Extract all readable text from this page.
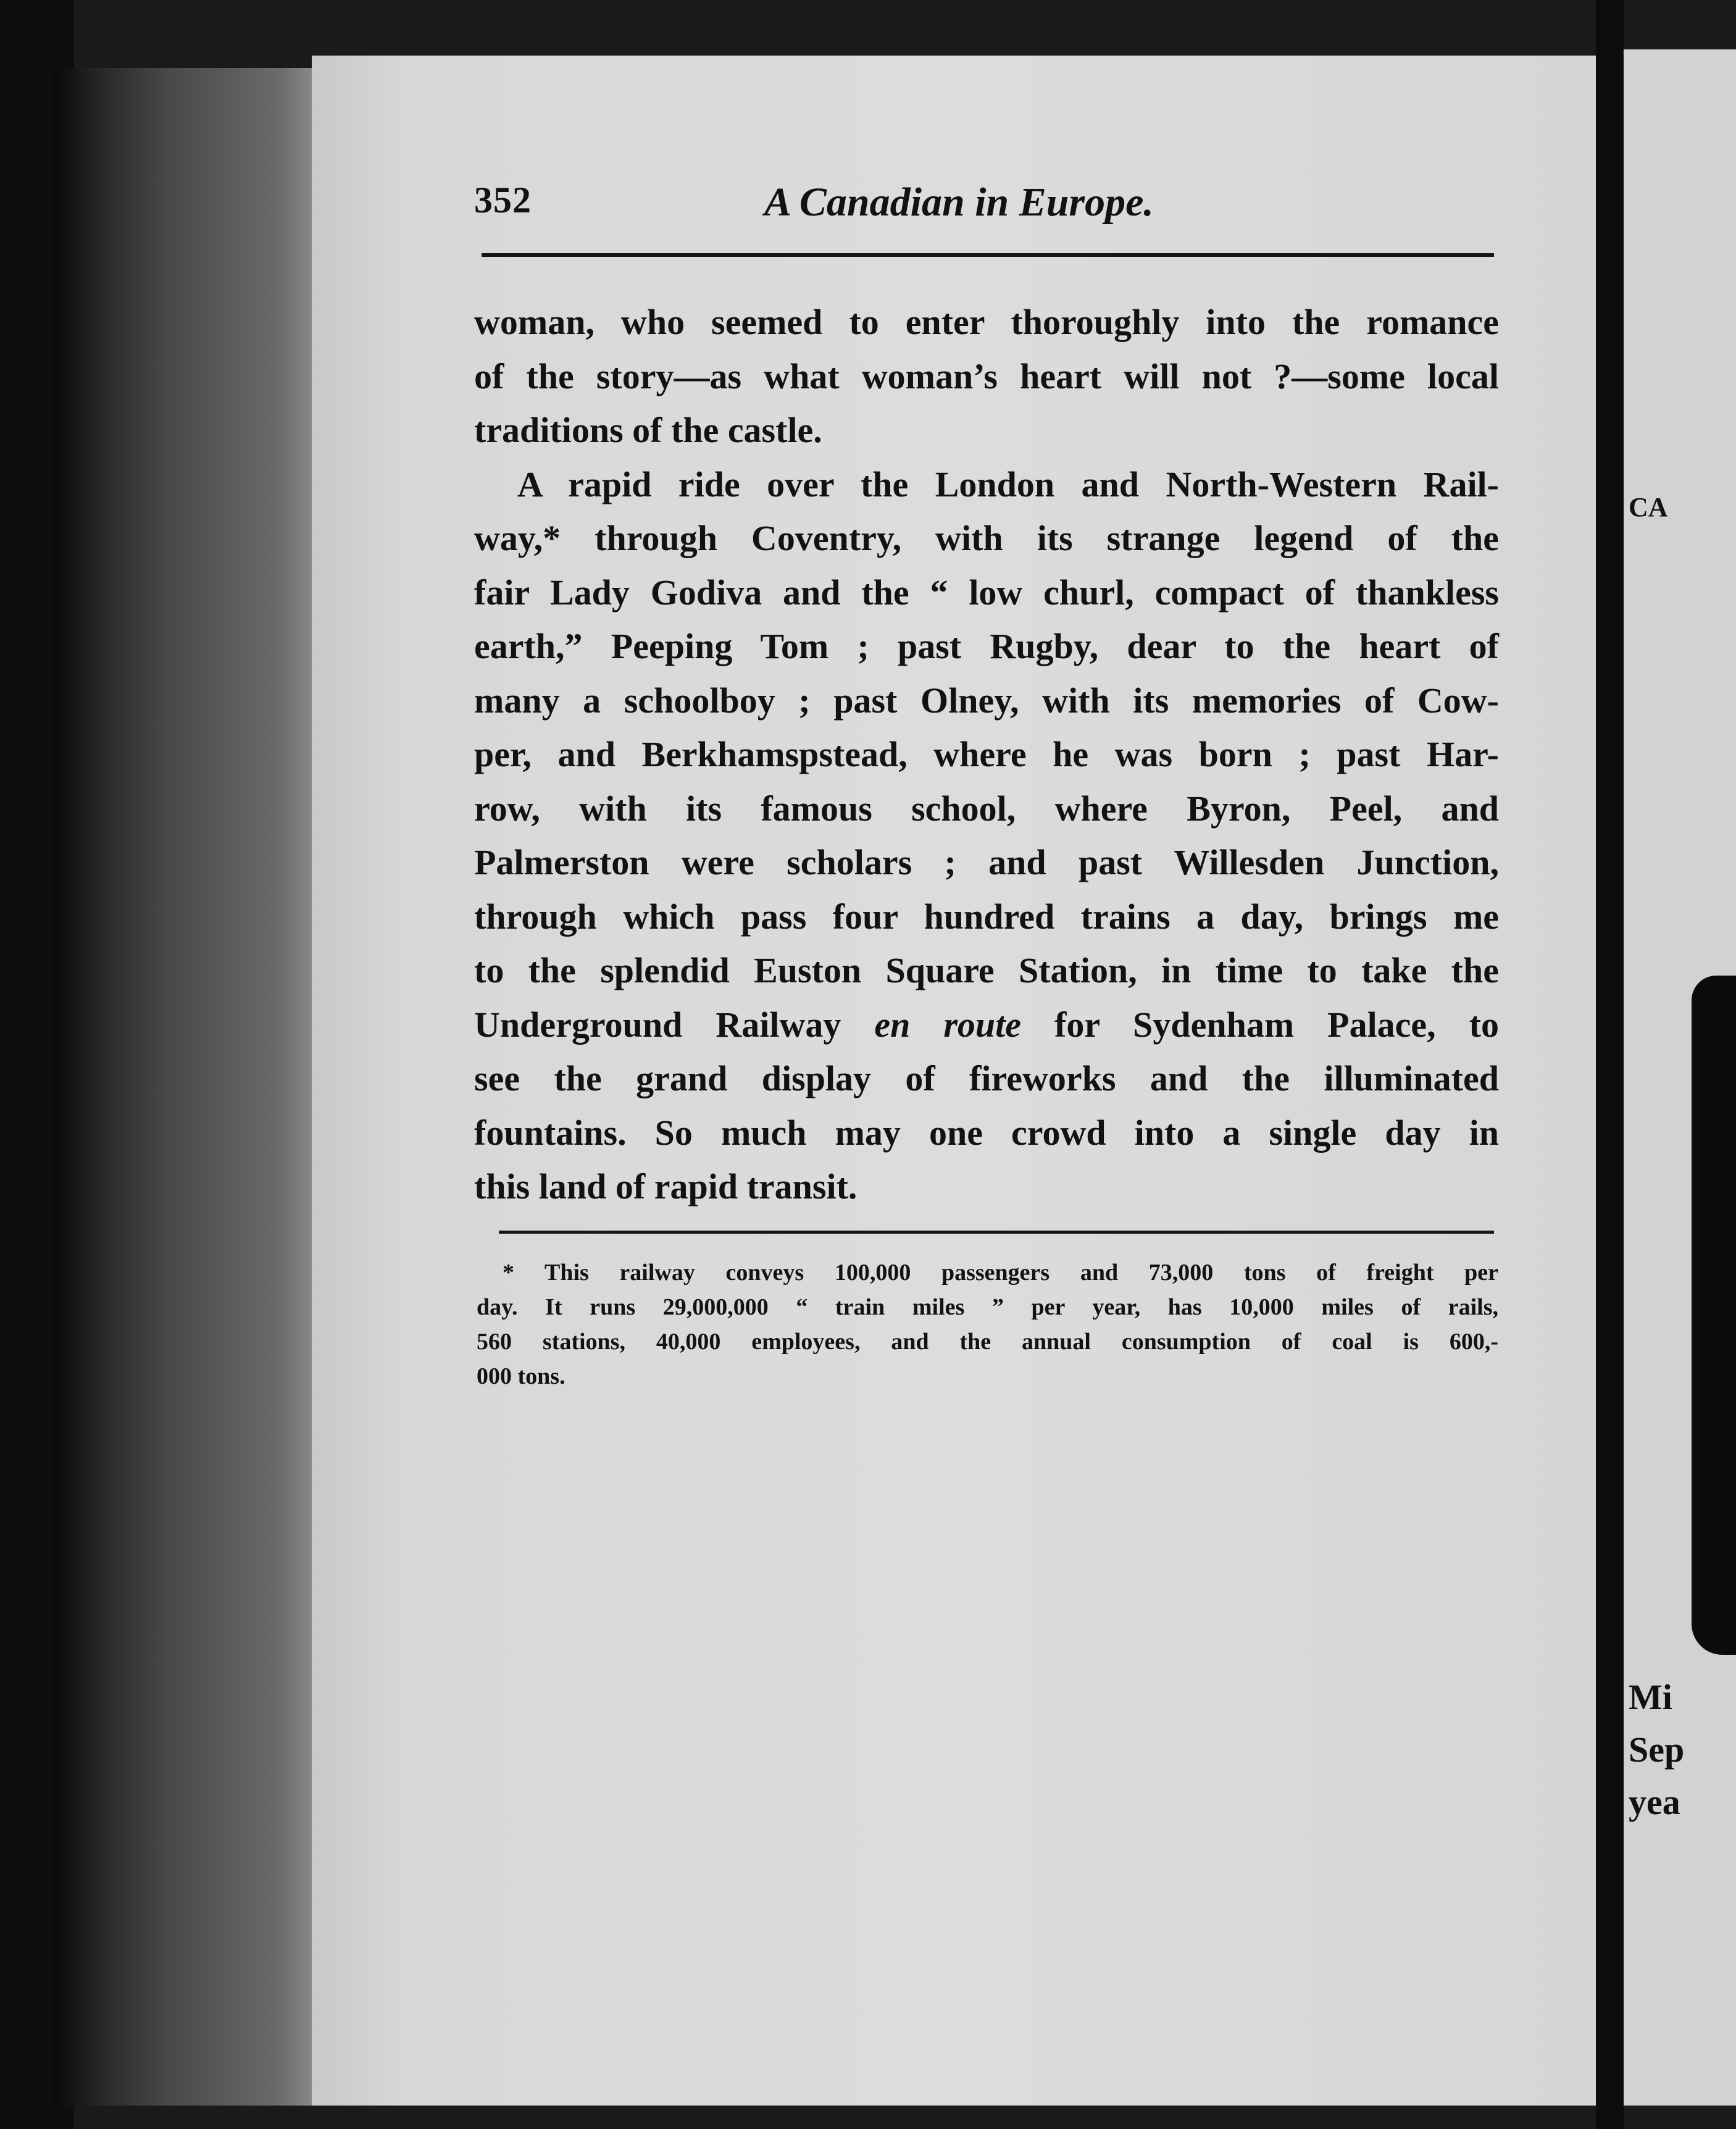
352	A Canadian in Europe.
woman, who seemed to enter thoroughly into the romance
of the story—as what woman’s heart will not ?—some local
traditions of the castle.
A rapid ride over the London and North-Western Rail-
way,* through Coventry, with its strange legend of the
fair Lady Godiva and the “ low churl, compact of thankless
earth,” Peeping Tom ; past Rugby, dear to the heart of
many a schoolboy ; past Olney, with its memories of Cow-
per, and Berkhamspstead, where he was born ; past Har-
row, with its famous school, where Byron, Peel, and
Palmerston were scholars ; and past Willesden Junction,
through which pass four hundred trains a day, brings me
to the splendid Euston Square Station, in time to take the
Underground Railway en route for Sydenham Palace, to
see the grand display of fireworks and the illuminated
fountains. So much may one crowd into a single day in
this land of rapid transit.
* This railway conveys 100,000 passengers and 73,000 tons of freight per
day. It runs 29,000,000 “ train miles ” per year, has 10,000 miles of rails,
560 stations, 40,000 employees, and the annual consumption of coal is 600,-
000 tons.
CA
Mi
Sep
yea
